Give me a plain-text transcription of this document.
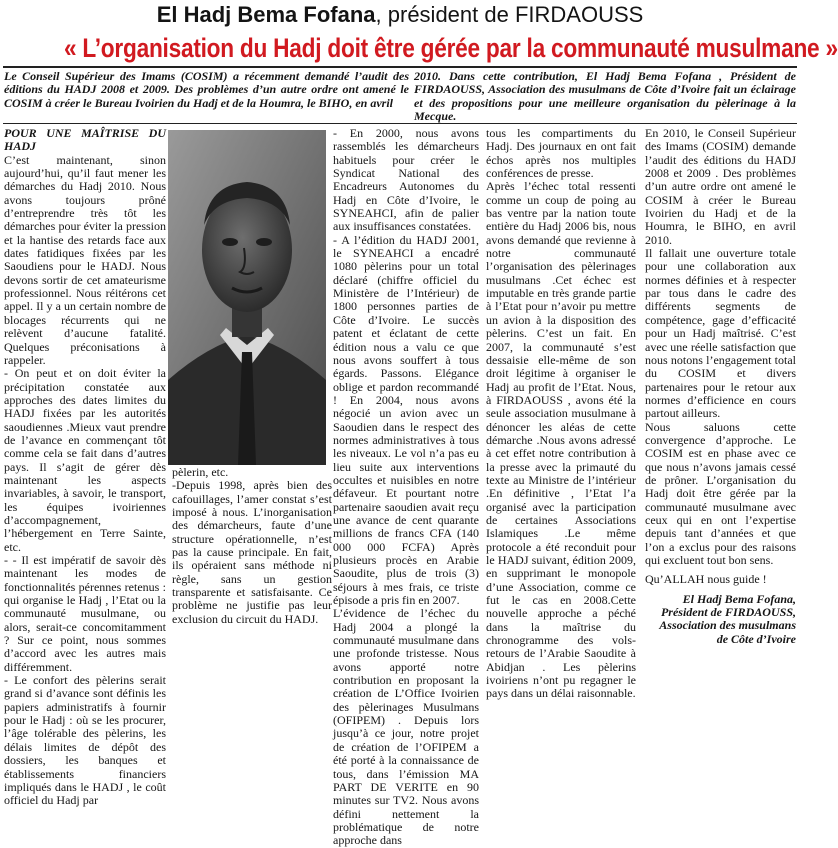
El Hadj Bema Fofana, président de FIRDAOUSS
« L’organisation du Hadj doit être gérée par la communauté musulmane »
Le Conseil Supérieur des Imams (COSIM) a récemment demandé l’audit des éditions du HADJ 2008 et 2009. Des problèmes d’un autre ordre ont amené le COSIM à créer le Bureau Ivoirien du Hadj et de la Houmra, le BIHO, en avril
2010. Dans cette contribution, El Hadj Bema Fofana , Président de FIRDAOUSS, Association des musulmans de Côte d’Ivoire fait un éclairage et des propositions pour une meilleure organisation du pèlerinage à la Mecque.

POUR UNE MAÎTRISE DU HADJ

C’est maintenant, sinon aujourd’hui, qu’il faut mener les démarches du Hadj 2010. Nous avons toujours prôné d’entreprendre très tôt les démarches pour éviter la pression et la hantise des retards face aux dates fatidiques fixées par les Saoudiens pour le HADJ. Nous devons sortir de cet amateurisme professionnel. Nous réitérons cet appel. Il y a un certain nombre de blocages récurrents qui ne relèvent d’aucune fatalité. Quelques préconisations à rappeler.

- On peut et on doit éviter la précipitation constatée aux approches des dates limites du HADJ fixées par les autorités saoudiennes .Mieux vaut prendre de l’avance en commençant tôt comme cela se fait dans d’autres pays. Il s’agit de gérer dès maintenant les aspects invariables, à savoir, le transport, les équipes ivoiriennes d’accompagnement, l’hébergement en Terre Sainte, etc.

- - Il est impératif de savoir dès maintenant les modes de fonctionnalités pérennes retenus : qui organise le Hadj , l’Etat ou la communauté musulmane, ou alors, serait-ce concomitamment ? Sur ce point, nous sommes d’accord avec les autres mais différemment.

- Le confort des pèlerins serait grand si d’avance sont définis les papiers administratifs à fournir pour le Hadj : où se les procurer, l’âge tolérable des pèlerins, les délais limites de dépôt des dossiers, les banques et établissements financiers impliqués dans le HADJ , le coût officiel du Hadj par

pèlerin, etc.

-Depuis 1998, après bien des cafouillages, l’amer constat s’est imposé à nous. L’inorganisation des démarcheurs, faute d’une structure opérationnelle, n’est pas la cause principale. En fait, ils opéraient sans méthode ni règle, sans un gestion transparente et satisfaisante. Ce problème ne justifie pas leur exclusion du circuit du HADJ.

- En 2000, nous avons rassemblés les démarcheurs habituels pour créer le Syndicat National des Encadreurs Autonomes du Hadj en Côte d’Ivoire, le SYNEAHCI, afin de palier aux insuffisances constatées.

- A l’édition du HADJ 2001, le SYNEAHCI a encadré 1080 pèlerins pour un total déclaré (chiffre officiel du Ministère de l’Intérieur) de 1800 personnes parties de Côte d’Ivoire. Le succès patent et éclatant de cette édition nous a valu ce que nous avons souffert à tous égards. Passons. Elégance oblige et pardon recommandé ! En 2004, nous avons négocié un avion avec un Saoudien dans le respect des normes administratives à tous les niveaux. Le vol n’a pas eu lieu suite aux interventions occultes et nuisibles en notre défaveur. Et pourtant notre partenaire saoudien avait reçu une avance de cent quarante millions de francs CFA (140 000 000 FCFA) Après plusieurs procès en Arabie Saoudite, plus de trois (3) séjours à mes frais, ce triste épisode a pris fin en 2007.

L’évidence de l’échec du Hadj 2004 a plongé la communauté musulmane dans une profonde tristesse. Nous avons apporté notre contribution en proposant la création de L’Office Ivoirien des pèlerinages Musulmans (OFIPEM) . Depuis lors jusqu’à ce jour, notre projet de création de l’OFIPEM a été porté à la connaissance de tous, dans l’émission MA PART DE VERITE en 90 minutes sur TV2. Nous avons défini nettement la problématique de notre approche dans

tous les compartiments du Hadj. Des journaux en ont fait échos après nos multiples conférences de presse.

Après l’échec total ressenti comme un coup de poing au bas ventre par la nation toute entière du Hadj 2006 bis, nous avons demandé que revienne à notre communauté l’organisation des pèlerinages musulmans .Cet échec est imputable en très grande partie à l’Etat pour n’avoir pu mettre un avion à la disposition des pèlerins. C’est un fait. En 2007, la communauté s’est dessaisie elle-même de son droit légitime à organiser le Hadj au profit de l’Etat. Nous, à FIRDAOUSS , avons été la seule association musulmane à dénoncer les aléas de cette démarche .Nous avons adressé à cet effet notre contribution à la presse avec la primauté du texte au Ministre de l’intérieur .En définitive , l’Etat l’a organisé avec la participation de certaines Associations Islamiques .Le même protocole a été reconduit pour le HADJ suivant, édition 2009, en supprimant le monopole d’une Association, comme ce fut le cas en 2008.Cette nouvelle approche a péché dans la maîtrise du chronogramme des vols-retours de l’Arabie Saoudite à Abidjan . Les pèlerins ivoiriens n’ont pu regagner le pays dans un délai raisonnable.

En 2010, le Conseil Supérieur des Imams (COSIM) demande l’audit des éditions du HADJ 2008 et 2009 . Des problèmes d’un autre ordre ont amené le COSIM à créer le Bureau Ivoirien du Hadj et de la Houmra, le BIHO, en avril 2010.

Il fallait une ouverture totale pour une collaboration aux normes définies et à respecter par tous dans le cadre des différents segments de compétence, gage d’efficacité pour un Hadj maîtrisé. C’est avec une réelle satisfaction que nous notons l’engagement total du COSIM et divers partenaires pour le retour aux normes d’efficience en cours partout ailleurs.

Nous saluons cette convergence d’approche. Le COSIM est en phase avec ce que nous n’avons jamais cessé de prôner. L’organisation du Hadj doit être gérée par la communauté musulmane avec ceux qui en ont l’expertise depuis tant d’années et que l’on a exclus pour des raisons qui excluent tout bon sens.

Qu’ALLAH nous guide !

El Hadj Bema Fofana, Président de FIRDAOUSS, Association des musulmans de Côte d’Ivoire
